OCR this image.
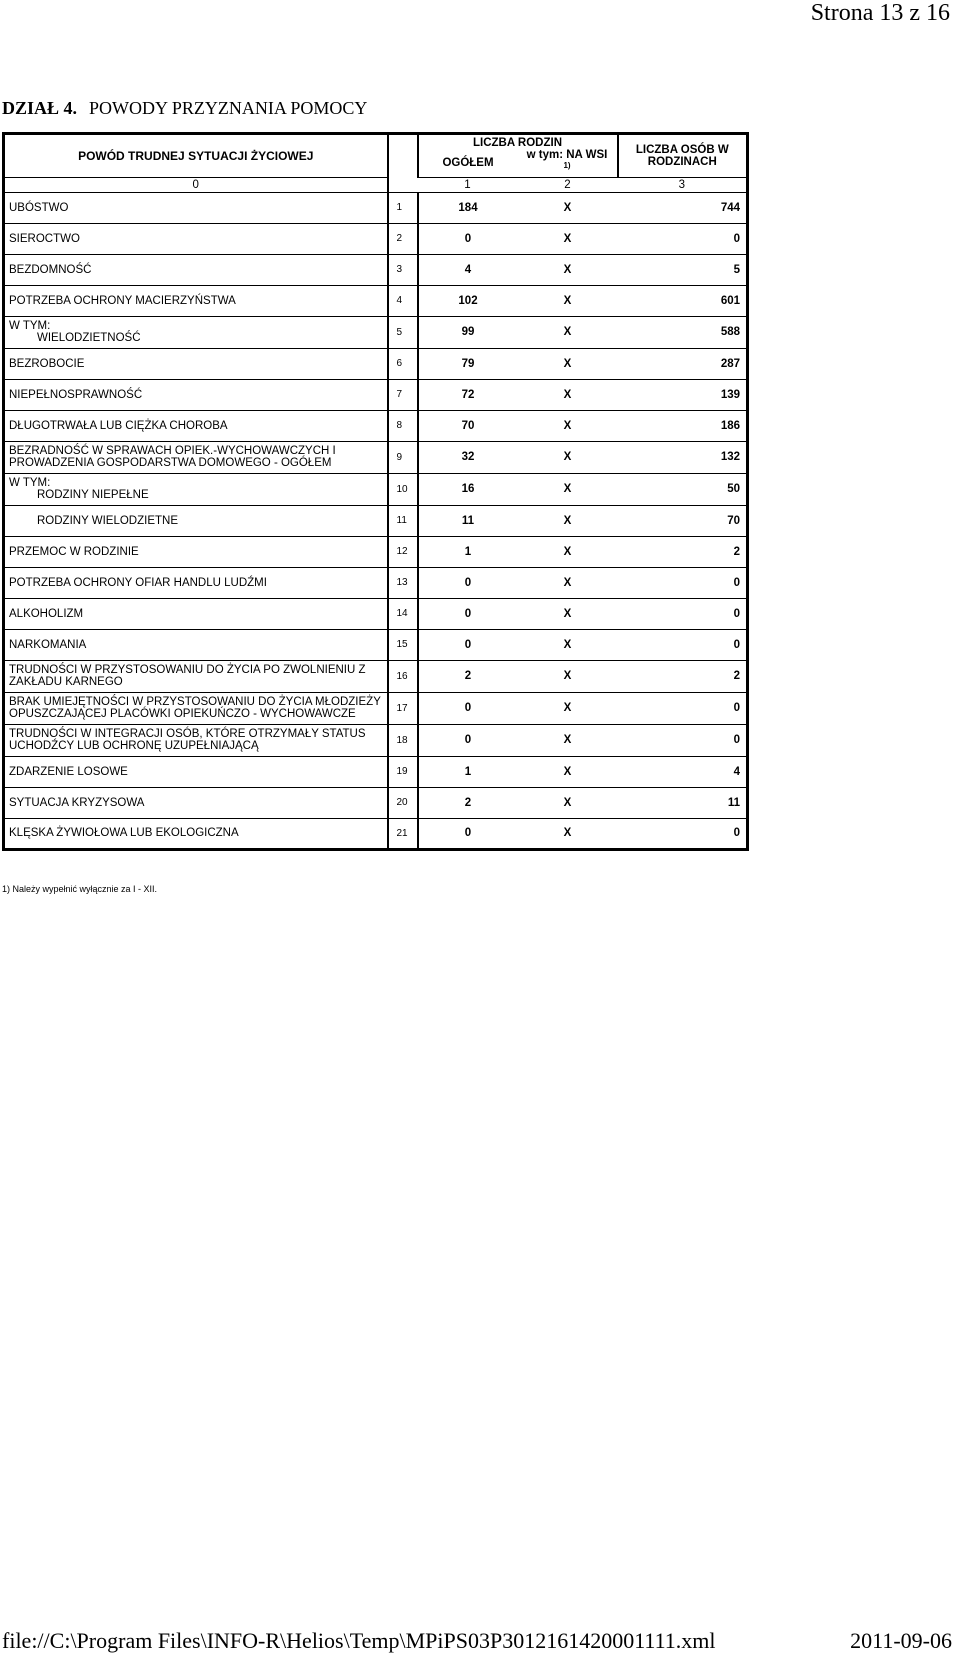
Strona 13 z 16
DZIAŁ 4. POWODY PRZYZNANIA POMOCY
POWÓD TRUDNEJ SYTUACJI ŻYCIOWEJ		LICZBA RODZIN		LICZBA OSÓB W RODZINACH
		OGÓŁEM	w tym: NA WSI $^{1)}$
0		1	2	3
UBÓSTWO	1	184	X	744
SIEROCTWO	2	0	X	0
BEZDOMNOŚĆ	3	4	X	5
POTRZEBA OCHRONY MACIERZYŃSTWA	4	102	X	601

W TYM:
WIELODZIETNOŚĆ	5	99	X	588
BEZROBOCIE	6	79	X	287
NIEPEŁNOSPRAWNOŚĆ	7	72	X	139
DŁUGOTRWAŁA LUB CIĘŻKA CHOROBA	8	70	X	186
BEZRADNOŚĆ W SPRAWACH OPIEK.-WYCHOWAWCZYCH I PROWADZENIA GOSPODARSTWA DOMOWEGO - OGÓŁEM	9	32	X	132

W TYM:
RODZINY NIEPEŁNE	10	16	X	50
RODZINY WIELODZIETNE	11	11	X	70
PRZEMOC W RODZINIE	12	1	X	2
POTRZEBA OCHRONY OFIAR HANDLU LUDŹMI	13	0	X	0
ALKOHOLIZM	14	0	X	0
NARKOMANIA	15	0	X	0
TRUDNOŚCI W PRZYSTOSOWANIU DO ŻYCIA PO ZWOLNIENIU Z ZAKŁADU KARNEGO	16	2	X	2
BRAK UMIEJĘTNOŚCI W PRZYSTOSOWANIU DO ŻYCIA MŁODZIEŻY OPUSZCZAJĄCEJ PLACÓWKI OPIEKUŃCZO - WYCHOWAWCZE	17	0	X	0
TRUDNOŚCI W INTEGRACJI OSÓB, KTÓRE OTRZYMAŁY STATUS UCHODŹCY LUB OCHRONĘ UZUPEŁNIAJĄCĄ	18	0	X	0
ZDARZENIE LOSOWE	19	1	X	4
SYTUACJA KRYZYSOWA	20	2	X	11
KLĘSKA ŻYWIOŁOWA LUB EKOLOGICZNA	21	0	X	0
1) Należy wypełnić wyłącznie za I - XII.
file://C:\Program Files\INFO-R\Helios\Temp\MPiPS03P3012161420001111.xml	2011-09-06
